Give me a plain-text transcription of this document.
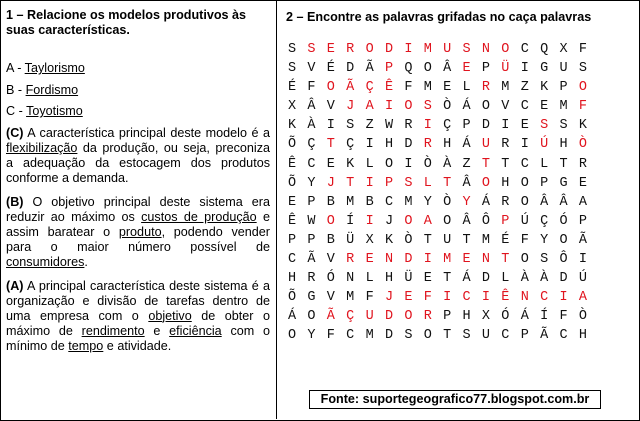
1 – Relacione os modelos produtivos às suas características.
A - Taylorismo
B - Fordismo
C - Toyotismo
(C) A característica principal deste modelo é a flexibilização da produção, ou seja, preconiza a adequação da estocagem dos produtos conforme a demanda.
(B) O objetivo principal deste sistema era reduzir ao máximo os custos de produção e assim baratear o produto, podendo vender para o maior número possível de consumidores.
(A) A principal característica deste sistema é a organização e divisão de tarefas dentro de uma empresa com o objetivo de obter o máximo de rendimento e eficiência com o mínimo de tempo e atividade.
2 – Encontre as palavras grifadas no caça palavras
S S E R O D I M U S N O C Q X F
S V É D Ã P Q O Â E P Ü I G U S
É F O Ã Ç Ê F M E L R M Z K P O
X Â V J A I O S Ò Á O V C E M F
K À I S Z W R I Ç P D I E S S K
Õ Ç T Ç I H D R H Á U R I Ú H Ò
Ê C E K L O I Ò À Z T T C L T R
Õ Y J T I P S L T Â O H O P G E
E P B M B C M Y Ò Y Á R O Â Â A
Ê W O Í I J O A O Â Ô P Ú Ç Ó P
P P B Ü X K Ò T U T M É F Y O Ã
C Ã V R E N D I M E N T O S Ô I
H R Ó N L H Ü E T Á D L À À D Ú
Õ G V M F J E F I C I Ê N C I A
Á O Ã Ç U D O R P H X Ó Á Í F Ò
O Y F C M D S O T S U C P Ã C H
Fonte: suportegeografico77.blogspot.com.br
